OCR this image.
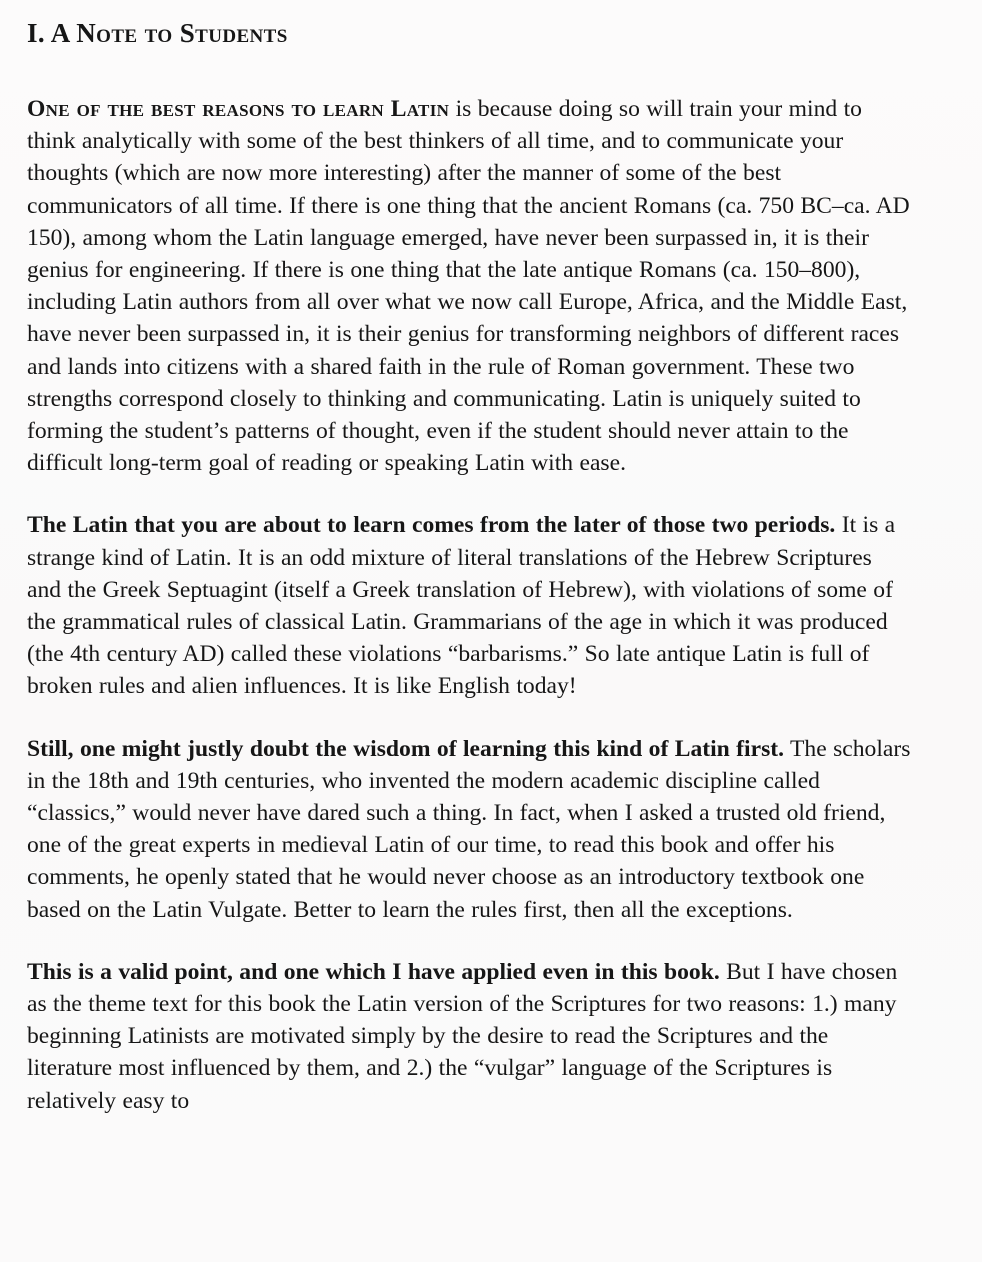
I. A Note to Students

One of the best reasons to learn Latin is because doing so will train your mind to think analytically with some of the best thinkers of all time, and to communicate your thoughts (which are now more interesting) after the manner of some of the best communicators of all time. If there is one thing that the ancient Romans (ca. 750 BC–ca. AD 150), among whom the Latin language emerged, have never been surpassed in, it is their genius for engineering. If there is one thing that the late antique Romans (ca. 150–800), including Latin authors from all over what we now call Europe, Africa, and the Middle East, have never been surpassed in, it is their genius for transforming neighbors of different races and lands into citizens with a shared faith in the rule of Roman government. These two strengths correspond closely to thinking and communicating. Latin is uniquely suited to forming the student’s patterns of thought, even if the student should never attain to the difficult long-term goal of reading or speaking Latin with ease.

The Latin that you are about to learn comes from the later of those two periods. It is a strange kind of Latin. It is an odd mixture of literal translations of the Hebrew Scriptures and the Greek Septuagint (itself a Greek translation of Hebrew), with violations of some of the grammatical rules of classical Latin. Grammarians of the age in which it was produced (the 4th century AD) called these violations “barbarisms.” So late antique Latin is full of broken rules and alien influences. It is like English today!

Still, one might justly doubt the wisdom of learning this kind of Latin first. The scholars in the 18th and 19th centuries, who invented the modern academic discipline called “classics,” would never have dared such a thing. In fact, when I asked a trusted old friend, one of the great experts in medieval Latin of our time, to read this book and offer his comments, he openly stated that he would never choose as an introductory textbook one based on the Latin Vulgate. Better to learn the rules first, then all the exceptions.

This is a valid point, and one which I have applied even in this book. But I have chosen as the theme text for this book the Latin version of the Scriptures for two reasons: 1.) many beginning Latinists are motivated simply by the desire to read the Scriptures and the literature most influenced by them, and 2.) the “vulgar” language of the Scriptures is relatively easy to
